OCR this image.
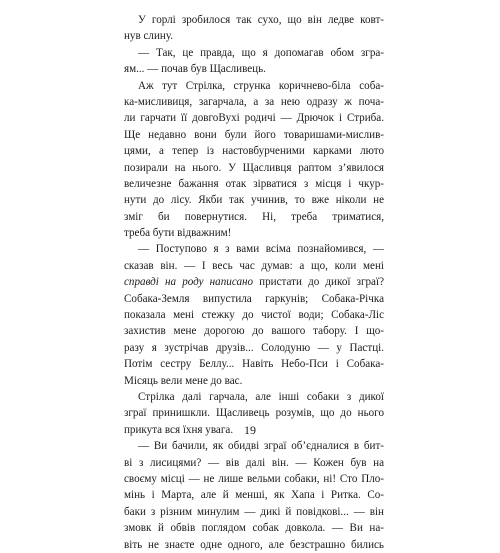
У горлі зробилося так сухо, що він ледве ковт-
нув слину.
— Так, це правда, що я допомагав обом згра-
ям... — почав був Щасливець.
Аж тут Стрілка, струнка коричнево-біла соба-
ка-мисливиця, загарчала, а за нею одразу ж поча-
ли гарчати її довгоВухі родичі — Дрючок і Стриба.
Ще недавно вони були його товаришами-мислив-
цями, а тепер із настовбурченими карками люто
позирали на нього. У Щасливця раптом з’явилося
величезне бажання отак зірватися з місця і чкур-
нути до лісу. Якби так учинив, то вже ніколи не
зміг би повернутися. Ні, треба триматися,
треба бути відважним!
— Поступово я з вами всіма познайомився, —
сказав він. — І весь час думав: а що, коли мені
справді на роду написано пристати до дикої зграї?
Собака-Земля випустила гаркунів; Собака-Річка
показала мені стежку до чистої води; Собака-Ліс
захистив мене дорогою до вашого табору. І що-
разу я зустрічав друзів... Солодуню — у Пастці.
Потім сестру Беллу... Навіть Небо-Пси і Собака-
Місяць вели мене до вас.
Стрілка далі гарчала, але інші собаки з дикої
зграї принишкли. Щасливець розумів, що до нього
прикута вся їхня увага.
— Ви бачили, як обидві зграї об’єдналися в бит-
ві з лисицями? — вів далі він. — Кожен був на
своєму місці — не лише вельми собаки, ні! Сто Пло-
мінь і Марта, але й менші, як Хапа і Ритка. Со-
баки з різним минулим — дикі й повідкові... — він
змовк й обвів поглядом собак довкола. — Ви на-
віть не знаєте одне одного, але безстрашно бились
19
